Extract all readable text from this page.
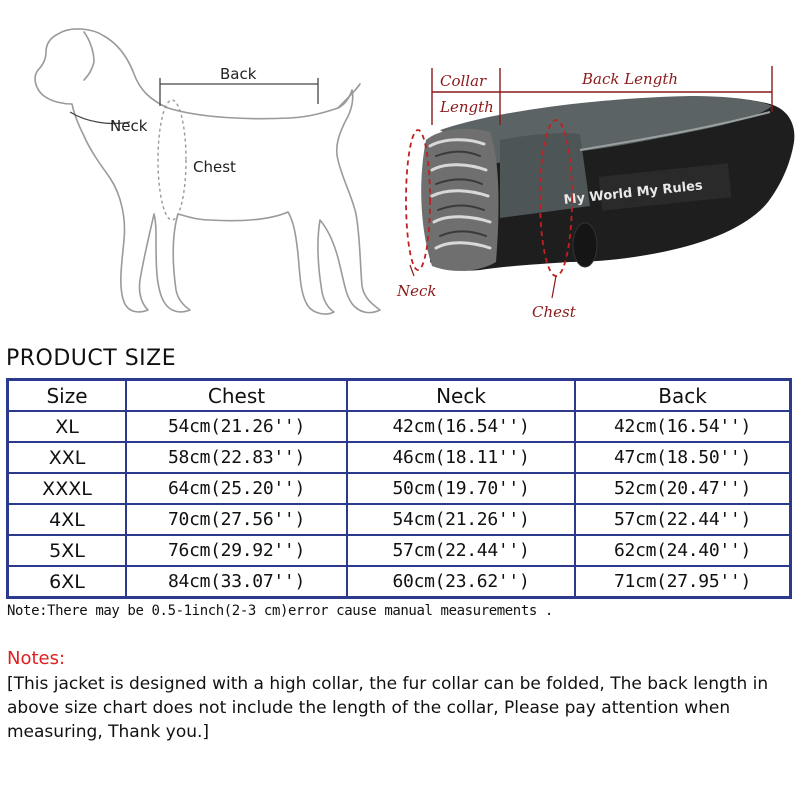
Back
Neck
Chest
My World My Rules
Collar
Length
Back Length
Neck
Chest
PRODUCT SIZE
Size	Chest	Neck	Back
XL	54cm(21.26'')	42cm(16.54'')	42cm(16.54'')
XXL	58cm(22.83'')	46cm(18.11'')	47cm(18.50'')
XXXL	64cm(25.20'')	50cm(19.70'')	52cm(20.47'')
4XL	70cm(27.56'')	54cm(21.26'')	57cm(22.44'')
5XL	76cm(29.92'')	57cm(22.44'')	62cm(24.40'')
6XL	84cm(33.07'')	60cm(23.62'')	71cm(27.95'')
Note:There may be 0.5-1inch(2-3 cm)error cause manual measurements .
Notes:
[This jacket is designed with a high collar, the fur collar can be folded, The back length in above size chart does not include the length of the collar, Please pay attention when measuring, Thank you.]
